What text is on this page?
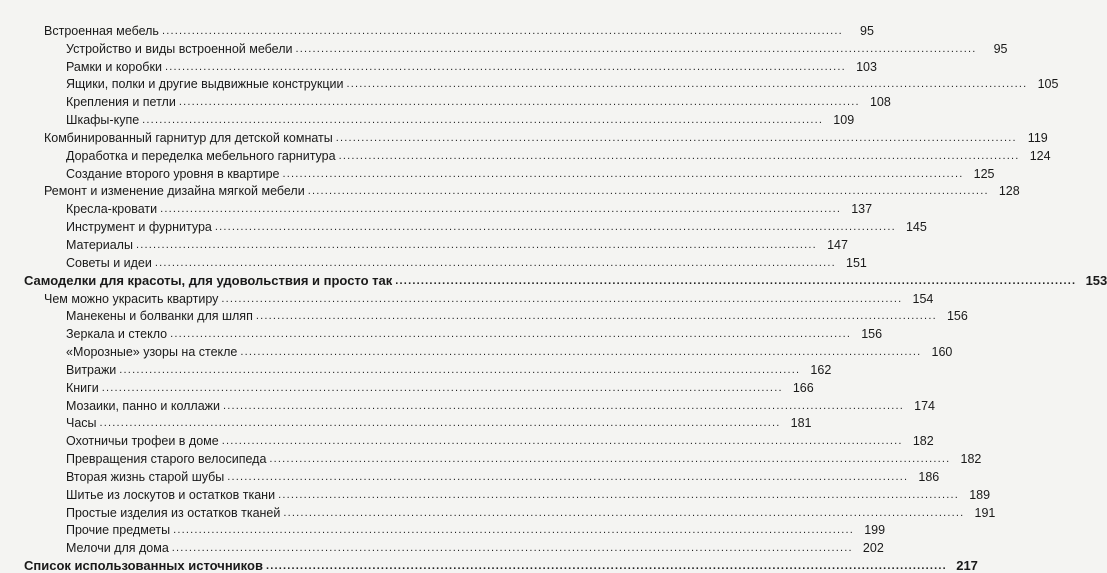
Встроенная мебель ................................................................................................................................................................	95
Устройство и виды встроенной мебели ................................................................................................................................................................	95
Рамки и коробки ................................................................................................................................................................ 103
Ящики, полки и другие выдвижные конструкции ................................................................................................................................................................ 105
Крепления и петли ................................................................................................................................................................ 108
Шкафы-купе ................................................................................................................................................................ 109
Комбинированный гарнитур для детской комнаты ................................................................................................................................................................ 119
Доработка и переделка мебельного гарнитура ................................................................................................................................................................ 124
Создание второго уровня в квартире ................................................................................................................................................................ 125
Ремонт и изменение дизайна мягкой мебели ................................................................................................................................................................ 128
Кресла-кровати ................................................................................................................................................................ 137
Инструмент и фурнитура ................................................................................................................................................................ 145
Материалы ................................................................................................................................................................ 147
Советы и идеи ................................................................................................................................................................ 151
Самоделки для красоты, для удовольствия и просто так ................................................................................................................................................................ 153
Чем можно украсить квартиру ................................................................................................................................................................ 154
Манекены и болванки для шляп ................................................................................................................................................................ 156
Зеркала и стекло ................................................................................................................................................................ 156
«Морозные» узоры на стекле ................................................................................................................................................................ 160
Витражи ................................................................................................................................................................ 162
Книги ................................................................................................................................................................ 166
Мозаики, панно и коллажи ................................................................................................................................................................ 174
Часы ................................................................................................................................................................ 181
Охотничьи трофеи в доме ................................................................................................................................................................ 182
Превращения старого велосипеда ................................................................................................................................................................ 182
Вторая жизнь старой шубы ................................................................................................................................................................ 186
Шитье из лоскутов и остатков ткани ................................................................................................................................................................ 189
Простые изделия из остатков тканей ................................................................................................................................................................ 191
Прочие предметы ................................................................................................................................................................ 199
Мелочи для дома ................................................................................................................................................................ 202
Список использованных источников ................................................................................................................................................................ 217
